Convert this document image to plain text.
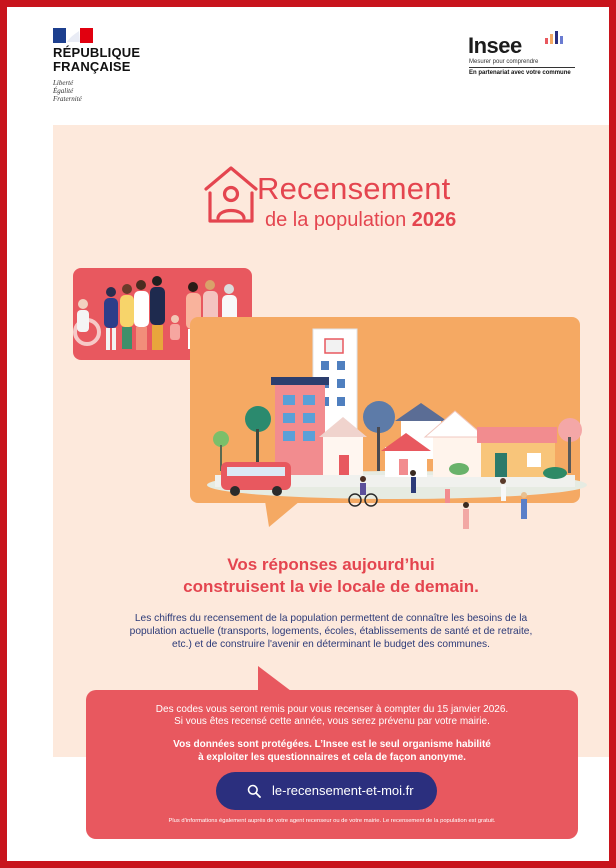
RÉPUBLIQUE
FRANÇAISE
Liberté
Égalité
Fraternité
Insee
Mesurer pour comprendre
En partenariat avec votre commune
Recensement
de la population 2026
Vos réponses aujourd’hui
construisent la vie locale de demain.
Les chiffres du recensement de la population permettent de connaître les besoins de la
population actuelle (transports, logements, écoles, établissements de santé et de retraite,
etc.) et de construire l'avenir en déterminant le budget des communes.
Des codes vous seront remis pour vous recenser à compter du 15 janvier 2026.
Si vous êtes recensé cette année, vous serez prévenu par votre mairie.
Vos données sont protégées. L’Insee est le seul organisme habilité
à exploiter les questionnaires et cela de façon anonyme.
le-recensement-et-moi.fr
Plus d’informations également auprès de votre agent recenseur ou de votre mairie. Le recensement de la population est gratuit.
